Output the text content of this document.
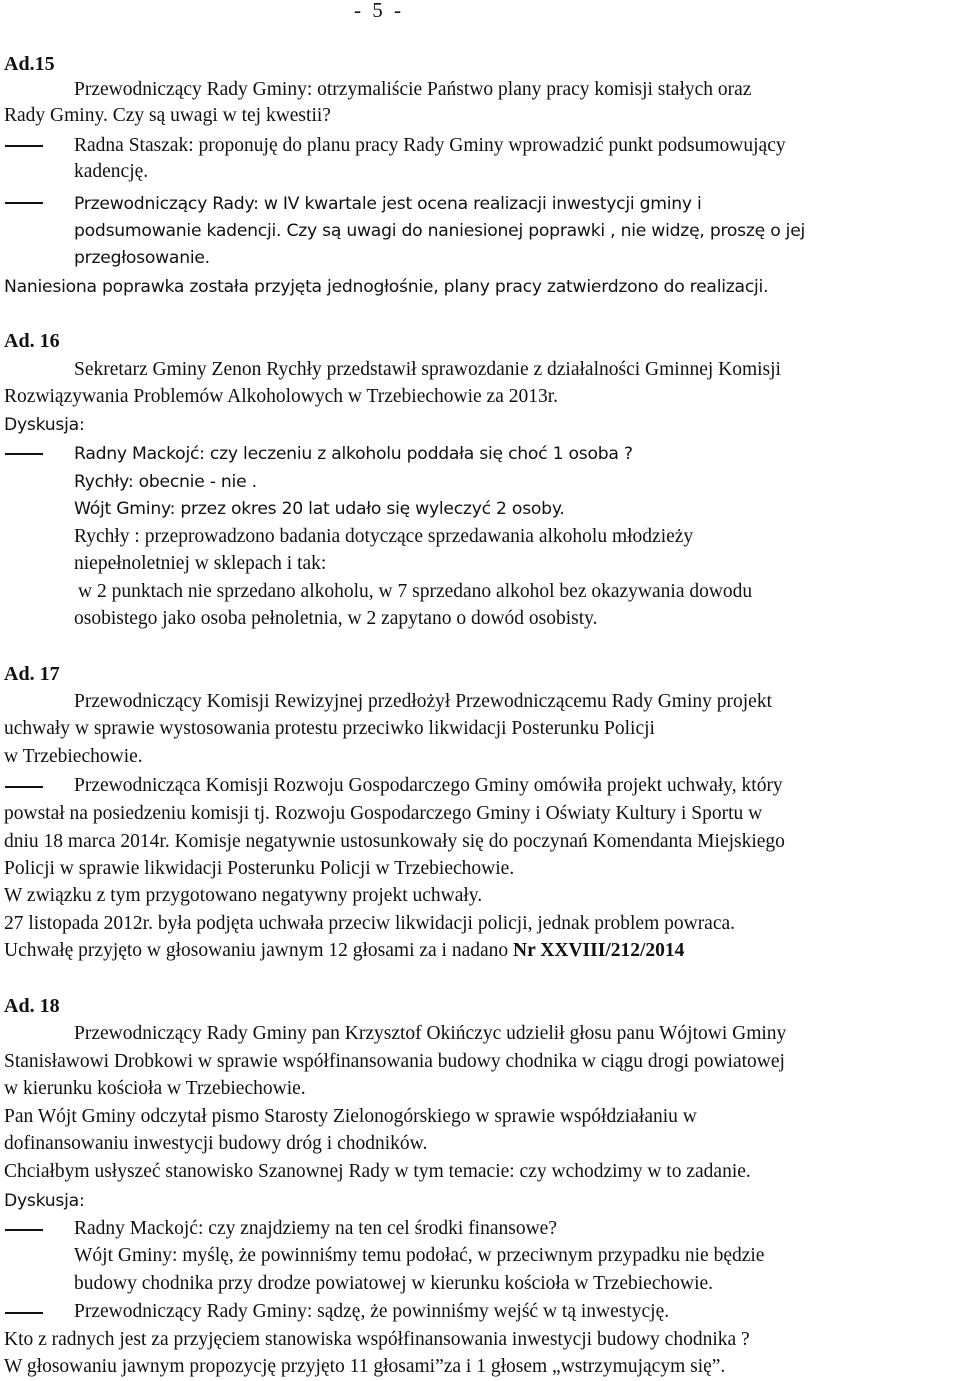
- 5 -
Ad.15
Przewodniczący Rady Gminy: otrzymaliście Państwo plany pracy komisji stałych oraz
Rady Gminy. Czy są uwagi w tej kwestii?
Radna Staszak: proponuję do planu pracy Rady Gminy wprowadzić punkt podsumowujący
kadencję.
Przewodniczący Rady: w IV kwartale jest ocena realizacji inwestycji gminy i
podsumowanie kadencji. Czy są uwagi do naniesionej poprawki , nie widzę, proszę o jej
przegłosowanie.
Naniesiona poprawka została przyjęta jednogłośnie, plany pracy zatwierdzono do realizacji.
Ad. 16
Sekretarz Gminy Zenon Rychły przedstawił sprawozdanie z działalności Gminnej Komisji
Rozwiązywania Problemów Alkoholowych w Trzebiechowie za 2013r.
Dyskusja:
Radny Mackojć: czy leczeniu z alkoholu poddała się choć 1 osoba ?
Rychły: obecnie - nie .
Wójt Gminy: przez okres 20 lat udało się wyleczyć 2 osoby.
Rychły : przeprowadzono badania dotyczące sprzedawania alkoholu młodzieży
niepełnoletniej w sklepach i tak:
w 2 punktach nie sprzedano alkoholu, w 7 sprzedano alkohol bez okazywania dowodu
osobistego jako osoba pełnoletnia, w 2 zapytano o dowód osobisty.
Ad. 17
Przewodniczący Komisji Rewizyjnej przedłożył Przewodniczącemu Rady Gminy projekt
uchwały w sprawie wystosowania protestu przeciwko likwidacji Posterunku Policji
w Trzebiechowie.
Przewodnicząca Komisji Rozwoju Gospodarczego Gminy omówiła projekt uchwały, który
powstał na posiedzeniu komisji tj. Rozwoju Gospodarczego Gminy i Oświaty Kultury i Sportu w
dniu 18 marca 2014r. Komisje negatywnie ustosunkowały się do poczynań Komendanta Miejskiego
Policji w sprawie likwidacji Posterunku Policji w Trzebiechowie.
W związku z tym przygotowano negatywny projekt uchwały.
27 listopada 2012r. była podjęta uchwała przeciw likwidacji policji, jednak problem powraca.
Uchwałę przyjęto w głosowaniu jawnym 12 głosami za i nadano Nr XXVIII/212/2014
Ad. 18
Przewodniczący Rady Gminy pan Krzysztof Okińczyc udzielił głosu panu Wójtowi Gminy
Stanisławowi Drobkowi w sprawie współfinansowania budowy chodnika w ciągu drogi powiatowej
w kierunku kościoła w Trzebiechowie.
Pan Wójt Gminy odczytał pismo Starosty Zielonogórskiego w sprawie współdziałaniu w
dofinansowaniu inwestycji budowy dróg i chodników.
Chciałbym usłyszeć stanowisko Szanownej Rady w tym temacie: czy wchodzimy w to zadanie.
Dyskusja:
Radny Mackojć: czy znajdziemy na ten cel środki finansowe?
Wójt Gminy: myślę, że powinniśmy temu podołać, w przeciwnym przypadku nie będzie
budowy chodnika przy drodze powiatowej w kierunku kościoła w Trzebiechowie.
Przewodniczący Rady Gminy: sądzę, że powinniśmy wejść w tą inwestycję.
Kto z radnych jest za przyjęciem stanowiska współfinansowania inwestycji budowy chodnika ?
W głosowaniu jawnym propozycję przyjęto 11 głosami”za i 1 głosem „wstrzymującym się”.
